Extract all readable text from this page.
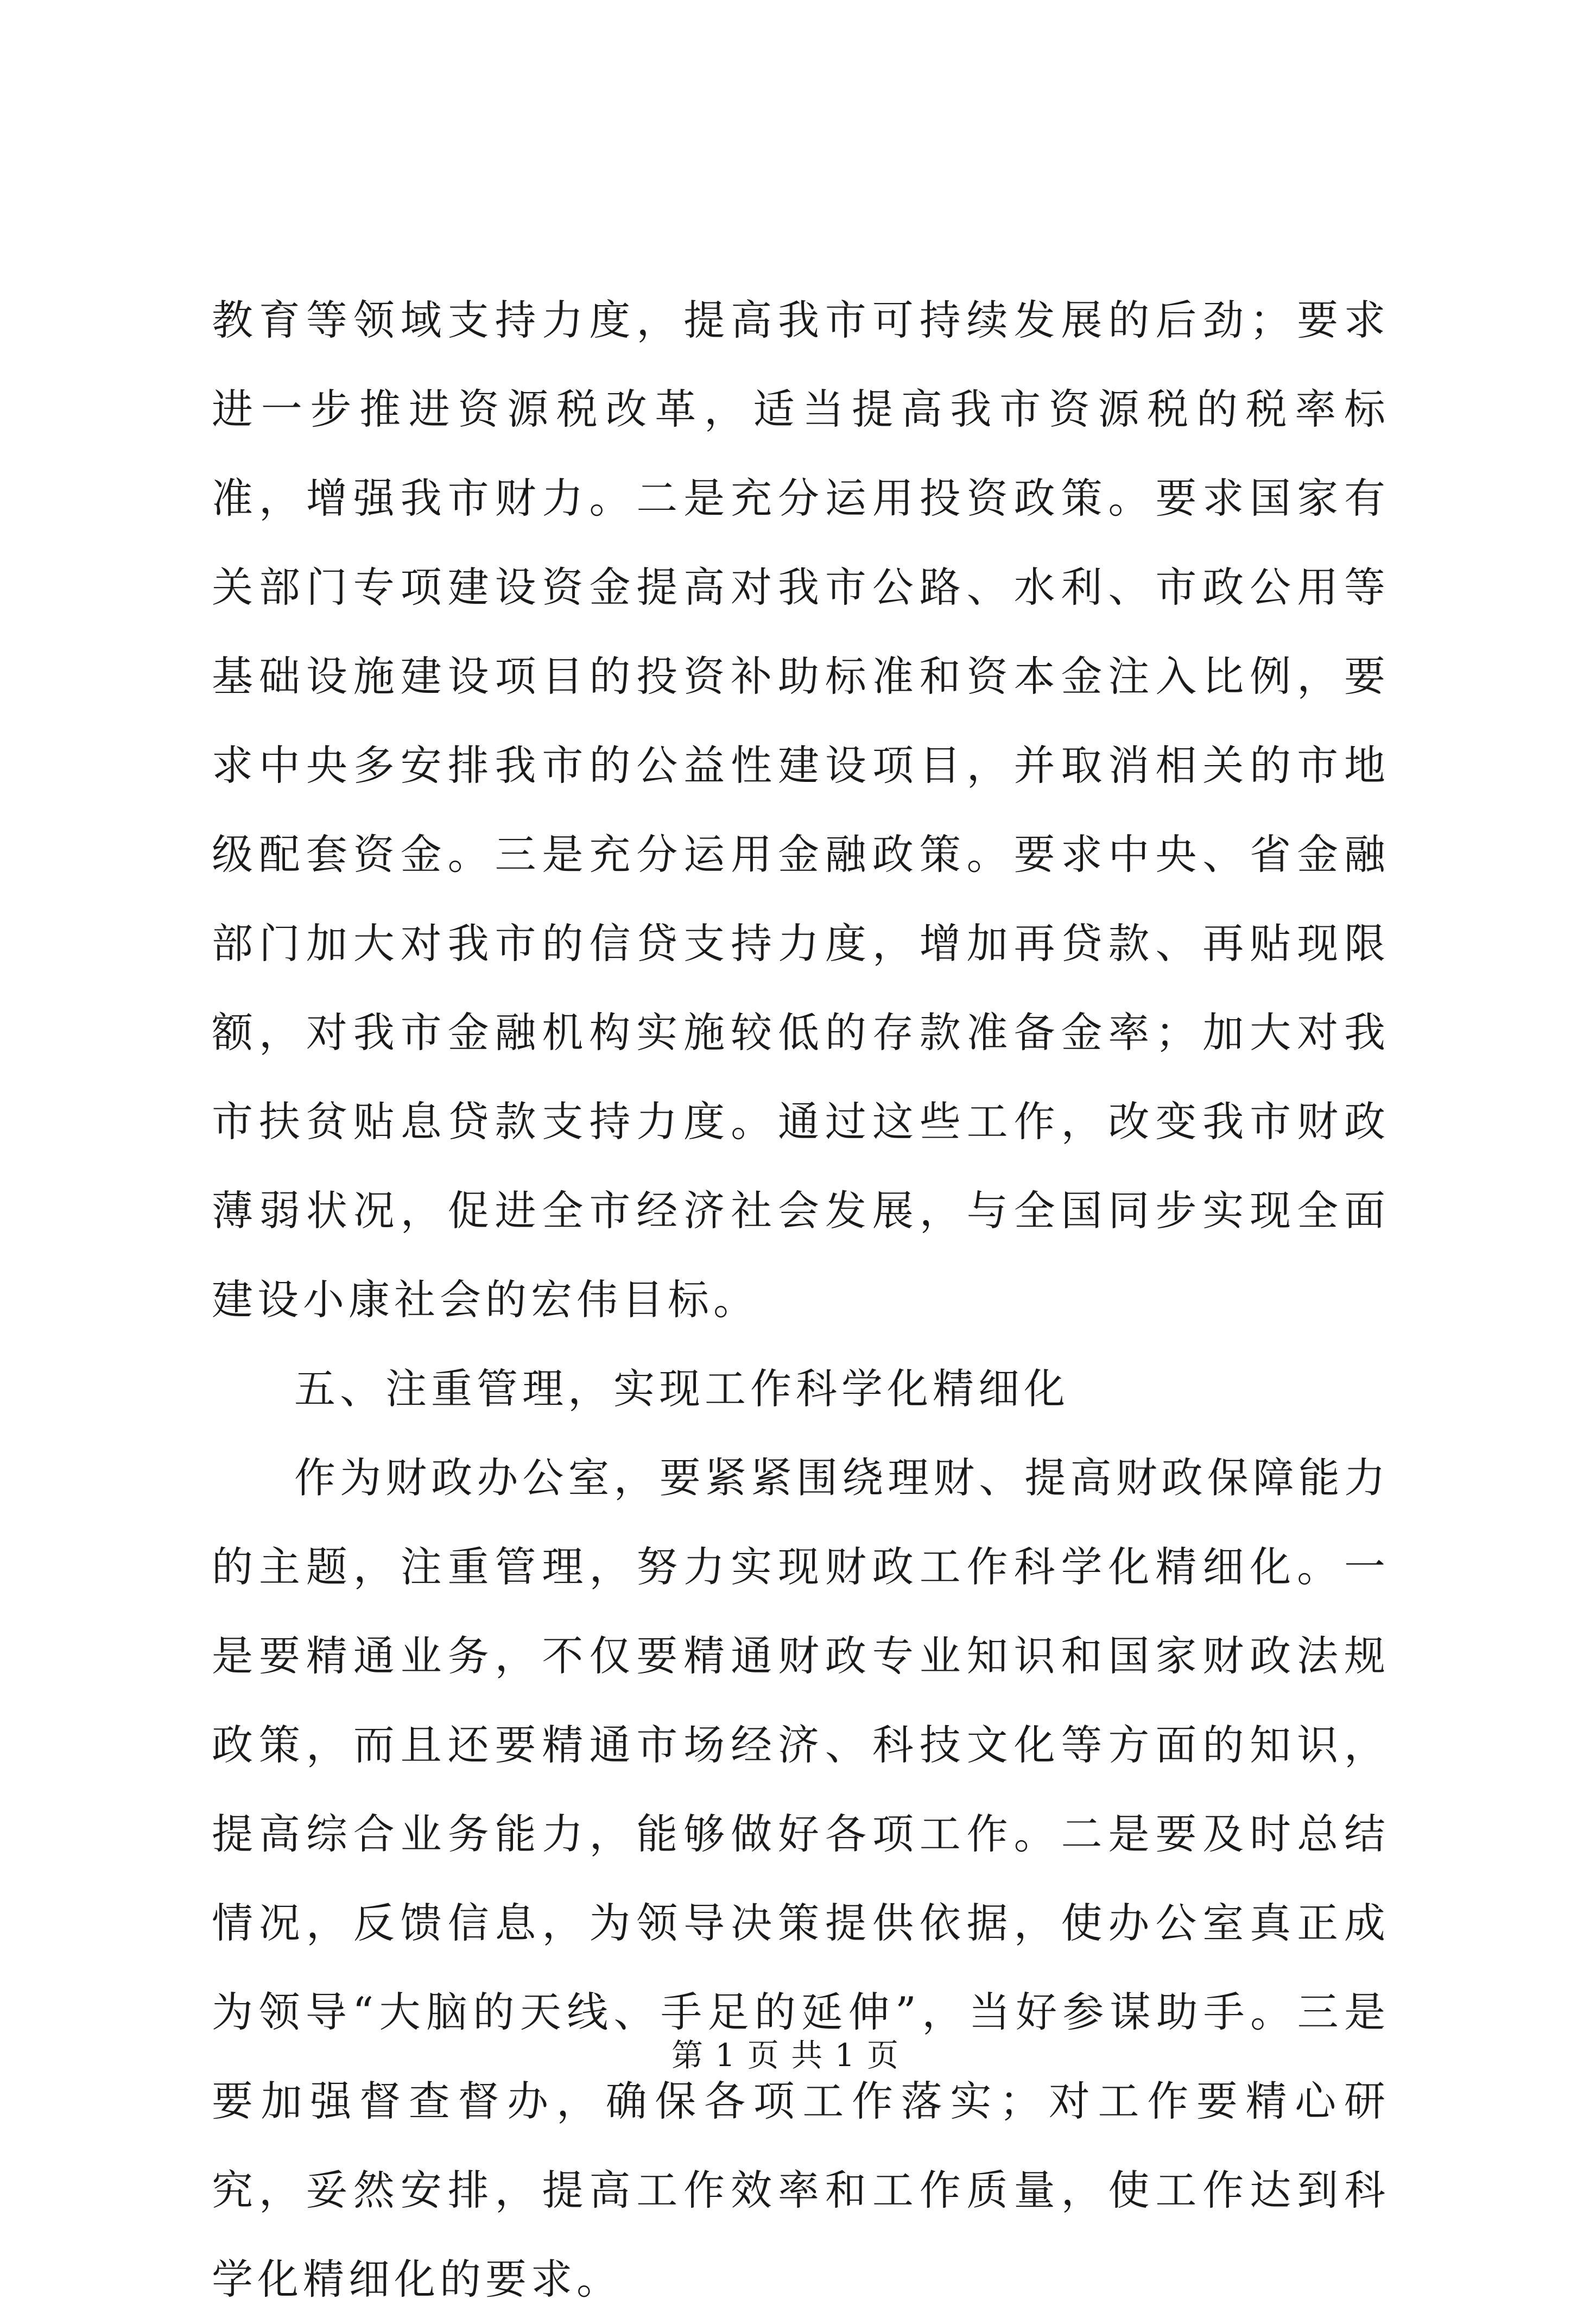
教育等领域支持力度，提高我市可持续发展的后劲；要求进一步推进资源税改革，适当提高我市资源税的税率标准，增强我市财力。二是充分运用投资政策。要求国家有关部门专项建设资金提高对我市公路、水利、市政公用等基础设施建设项目的投资补助标准和资本金注入比例，要求中央多安排我市的公益性建设项目，并取消相关的市地级配套资金。三是充分运用金融政策。要求中央、省金融部门加大对我市的信贷支持力度，增加再贷款、再贴现限额，对我市金融机构实施较低的存款准备金率；加大对我市扶贫贴息贷款支持力度。通过这些工作，改变我市财政薄弱状况，促进全市经济社会发展，与全国同步实现全面建设小康社会的宏伟目标。

五、注重管理，实现工作科学化精细化

作为财政办公室，要紧紧围绕理财、提高财政保障能力的主题，注重管理，努力实现财政工作科学化精细化。一是要精通业务，不仅要精通财政专业知识和国家财政法规政策，而且还要精通市场经济、科技文化等方面的知识，提高综合业务能力，能够做好各项工作。二是要及时总结情况，反馈信息，为领导决策提供依据，使办公室真正成为领导“大脑的天线、手足的延伸”，当好参谋助手。三是要加强督查督办，确保各项工作落实；对工作要精心研究，妥然安排，提高工作效率和工作质量，使工作达到科学化精细化的要求。

第 1 页 共 1 页
